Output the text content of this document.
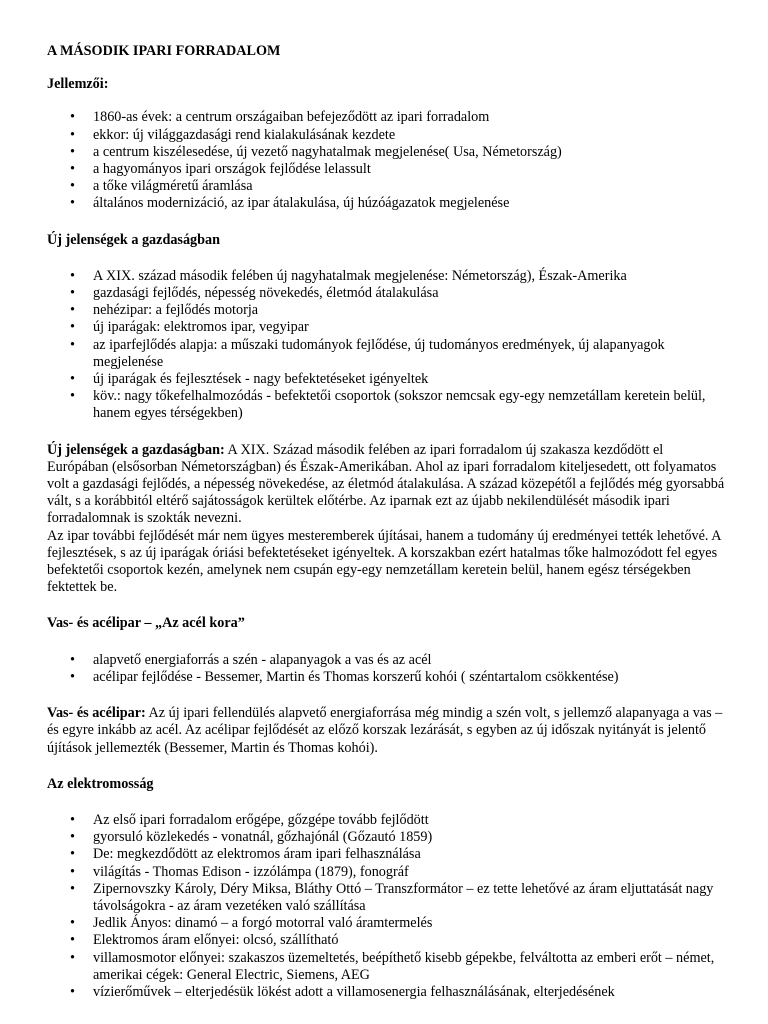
A MÁSODIK IPARI FORRADALOM
Jellemzői:
• 1860-as évek: a centrum országaiban befejeződött az ipari forradalom
• ekkor: új világgazdasági rend kialakulásának kezdete
• a centrum kiszélesedése, új vezető nagyhatalmak megjelenése( Usa, Németország)
• a hagyományos ipari országok fejlődése lelassult
• a tőke világméretű áramlása
• általános modernizáció, az ipar átalakulása, új húzóágazatok megjelenése
Új jelenségek a gazdaságban
• A XIX. század második felében új nagyhatalmak megjelenése: Németország), Észak-Amerika
• gazdasági fejlődés, népesség növekedés, életmód átalakulása
• nehézipar: a fejlődés motorja
• új iparágak: elektromos ipar, vegyipar
• az iparfejlődés alapja: a műszaki tudományok fejlődése, új tudományos eredmények, új alapanyagok megjelenése
• új iparágak és fejlesztések - nagy befektetéseket igényeltek
• köv.: nagy tőkefelhalmozódás - befektetői csoportok (sokszor nemcsak egy-egy nemzetállam keretein belül, hanem egyes térségekben)

Új jelenségek a gazdaságban: A XIX. Század második felében az ipari forradalom új szakasza kezdődött el Európában (elsősorban Németországban) és Észak-Amerikában. Ahol az ipari forradalom kiteljesedett, ott folyamatos volt a gazdasági fejlődés, a népesség növekedése, az életmód átalakulása. A század közepétől a fejlődés még gyorsabbá vált, s a korábbitól eltérő sajátosságok kerültek előtérbe. Az iparnak ezt az újabb nekilendülését második ipari forradalomnak is szokták nevezni.

Az ipar további fejlődését már nem ügyes mesteremberek újításai, hanem a tudomány új eredményei tették lehetővé. A fejlesztések, s az új iparágak óriási befektetéseket igényeltek. A korszakban ezért hatalmas tőke halmozódott fel egyes befektetői csoportok kezén, amelynek nem csupán egy-egy nemzetállam keretein belül, hanem egész térségekben fektettek be.

Vas- és acélipar – „Az acél kora”
• alapvető energiaforrás a szén - alapanyagok a vas és az acél
• acélipar fejlődése - Bessemer, Martin és Thomas korszerű kohói ( széntartalom csökkentése)

Vas- és acélipar: Az új ipari fellendülés alapvető energiaforrása még mindig a szén volt, s jellemző alapanyaga a vas – és egyre inkább az acél. Az acélipar fejlődését az előző korszak lezárását, s egyben az új időszak nyitányát is jelentő újítások jellemezték (Bessemer, Martin és Thomas kohói).

Az elektromosság
• Az első ipari forradalom erőgépe, gőzgépe tovább fejlődött
• gyorsuló közlekedés - vonatnál, gőzhajónál (Gőzautó 1859)
• De: megkezdődött az elektromos áram ipari felhasználása
• világítás - Thomas Edison - izzólámpa (1879), fonográf
• Zipernovszky Károly, Déry Miksa, Bláthy Ottó – Transzformátor – ez tette lehetővé az áram eljuttatását nagy távolságokra - az áram vezetéken való szállítása
• Jedlik Ányos: dinamó – a forgó motorral való áramtermelés
• Elektromos áram előnyei: olcsó, szállítható
• villamosmotor előnyei: szakaszos üzemeltetés, beépíthető kisebb gépekbe, felváltotta az emberi erőt – német, amerikai cégek: General Electric, Siemens, AEG
• vízierőművek – elterjedésük lökést adott a villamosenergia felhasználásának, elterjedésének
